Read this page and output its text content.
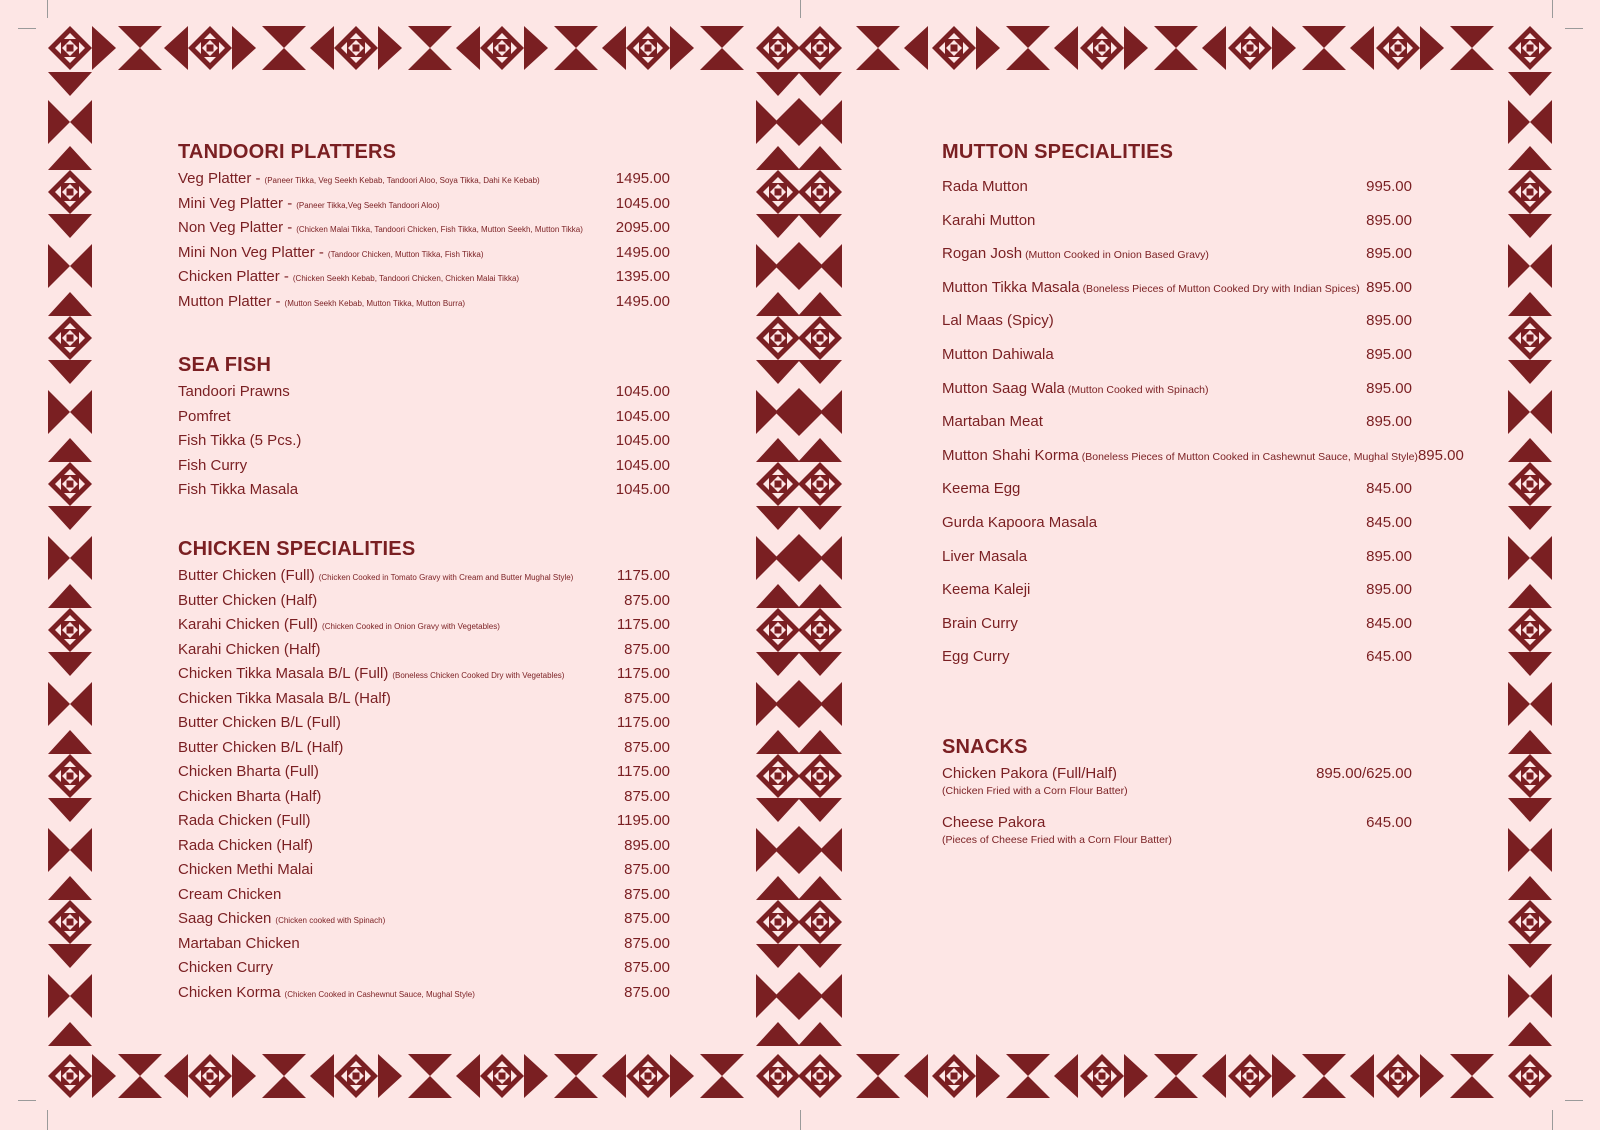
TANDOORI PLATTERS
Veg Platter - (Paneer Tikka, Veg Seekh Kebab, Tandoori Aloo, Soya Tikka, Dahi Ke Kebab)	1495.00
Mini Veg Platter - (Paneer Tikka,Veg Seekh Tandoori Aloo)	1045.00
Non Veg Platter - (Chicken Malai Tikka, Tandoori Chicken, Fish Tikka, Mutton Seekh, Mutton Tikka) 2095.00
Mini Non Veg Platter - (Tandoor Chicken, Mutton Tikka, Fish Tikka)	1495.00
Chicken Platter - (Chicken Seekh Kebab, Tandoori Chicken, Chicken Malai Tikka)	1395.00
Mutton Platter - (Mutton Seekh Kebab, Mutton Tikka, Mutton Burra)	1495.00
SEA FISH
Tandoori Prawns	1045.00
Pomfret	1045.00
Fish Tikka (5 Pcs.)	1045.00
Fish Curry	1045.00
Fish Tikka Masala	1045.00
CHICKEN SPECIALITIES
Butter Chicken (Full) (Chicken Cooked in Tomato Gravy with Cream and Butter Mughal Style)	1175.00
Butter Chicken (Half)	875.00
Karahi Chicken (Full) (Chicken Cooked in Onion Gravy with Vegetables)	1175.00
Karahi Chicken (Half)	875.00
Chicken Tikka Masala B/L (Full) (Boneless Chicken Cooked Dry with Vegetables)	1175.00
Chicken Tikka Masala B/L (Half)	875.00
Butter Chicken B/L (Full)	1175.00
Butter Chicken B/L (Half)	875.00
Chicken Bharta (Full)	1175.00
Chicken Bharta (Half)	875.00
Rada Chicken (Full)	1195.00
Rada Chicken (Half)	895.00
Chicken Methi Malai	875.00
Cream Chicken	875.00
Saag Chicken (Chicken cooked with Spinach)	875.00
Martaban Chicken	875.00
Chicken Curry	875.00
Chicken Korma (Chicken Cooked in Cashewnut Sauce, Mughal Style)	875.00
MUTTON SPECIALITIES
Rada Mutton	995.00
Karahi Mutton	895.00
Rogan Josh (Mutton Cooked in Onion Based Gravy)	895.00
Mutton Tikka Masala (Boneless Pieces of Mutton Cooked Dry with Indian Spices) 895.00
Lal Maas (Spicy)	895.00
Mutton Dahiwala	895.00
Mutton Saag Wala (Mutton Cooked with Spinach)	895.00
Martaban Meat	895.00
Mutton Shahi Korma (Boneless Pieces of Mutton Cooked in Cashewnut Sauce, Mughal Style) 895.00
Keema Egg	845.00
Gurda Kapoora Masala	845.00
Liver Masala	895.00
Keema Kaleji	895.00
Brain Curry	845.00
Egg Curry	645.00
SNACKS
Chicken Pakora (Full/Half)	895.00/625.00
(Chicken Fried with a Corn Flour Batter)
Cheese Pakora	645.00
(Pieces of Cheese Fried with a Corn Flour Batter)
